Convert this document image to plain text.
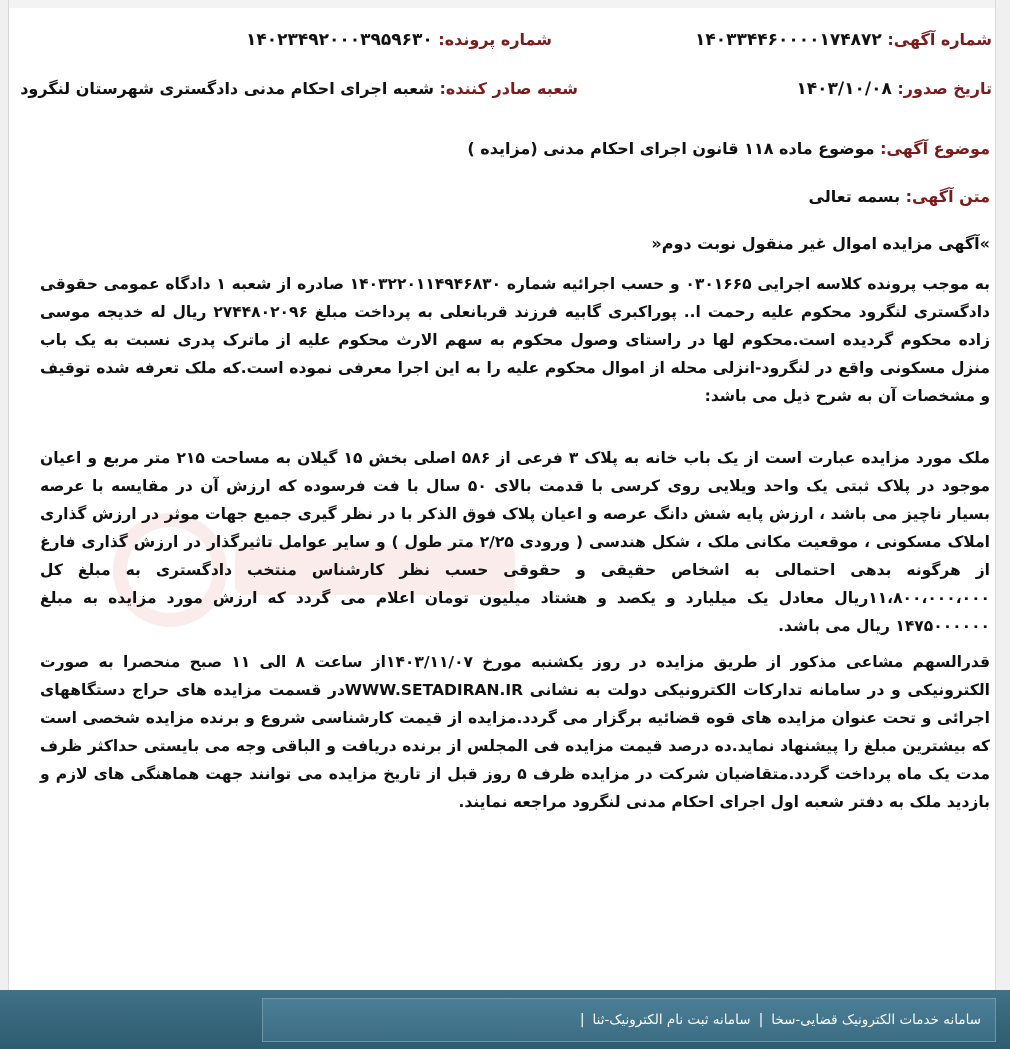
شماره آگهی: ۱۴۰۳۳۴۴۶۰۰۰۰۱۷۴۸۷۲
شماره پرونده: ۱۴۰۲۳۴۹۲۰۰۰۳۹۵۹۶۳۰
تاریخ صدور: ۱۴۰۳/۱۰/۰۸
شعبه صادر کننده: شعبه اجرای احکام مدنی دادگستری شهرستان لنگرود
موضوع آگهی: موضوع ماده ۱۱۸ قانون اجرای احکام مدنی (مزایده )
متن آگهی: بسمه تعالی
»آگهی مزایده اموال غیر منقول نوبت دوم«
به موجب پرونده کلاسه اجرایی ۰۳۰۱۶۶۵ و حسب اجرائیه شماره ۱۴۰۳۲۲۰۱۱۴۹۴۶۸۳۰ صادره از شعبه ۱ دادگاه عمومی حقوقی دادگستری لنگرود محکوم علیه رحمت ا.. پوراکبری گابیه فرزند قربانعلی به پرداخت مبلغ ۲۷۴۴۸۰۲۰۹۶ ریال له خدیجه موسی زاده محکوم گردیده است.محکوم لها در راستای وصول محکوم به سهم الارث محکوم علیه از ماترک پدری نسبت به یک باب منزل مسکونی واقع در لنگرود-انزلی محله از اموال محکوم علیه را به این اجرا معرفی نموده است.که ملک تعرفه شده توقیف و مشخصات آن به شرح ذیل می باشد:
ملک مورد مزایده عبارت است از یک باب خانه به پلاک ۳ فرعی از ۵۸۶ اصلی بخش ۱۵ گیلان به مساحت ۲۱۵ متر مربع و اعیان موجود در پلاک ثبتی یک واحد ویلایی روی کرسی با قدمت بالای ۵۰ سال با فت فرسوده که ارزش آن در مقایسه با عرصه بسیار ناچیز می باشد ، ارزش پایه شش دانگ عرصه و اعیان پلاک فوق الذکر با در نظر گیری جمیع جهات موثر در ارزش گذاری املاک مسکونی ، موقعیت مکانی ملک ، شکل هندسی ( ورودی ۲/۲۵ متر طول ) و سایر عوامل تاثیرگذار در ارزش گذاری فارغ از هرگونه بدهی احتمالی به اشخاص حقیقی و حقوقی حسب نظر کارشناس منتخب دادگستری به مبلغ کل ۱۱،۸۰۰،۰۰۰،۰۰۰ریال معادل یک میلیارد و یکصد و هشتاد میلیون تومان اعلام می گردد که ارزش مورد مزایده به مبلغ ۱۴۷۵۰۰۰۰۰۰ ریال می باشد.
قدرالسهم مشاعی مذکور از طریق مزایده در روز یکشنبه مورخ ۱۴۰۳/۱۱/۰۷از ساعت ۸ الی ۱۱ صبح منحصرا به صورت الکترونیکی و در سامانه تدارکات الکترونیکی دولت به نشانی WWW.SETADIRAN.IRدر قسمت مزایده های حراج دستگاههای اجرائی و تحت عنوان مزایده های قوه قضائیه برگزار می گردد.مزایده از قیمت کارشناسی شروع و برنده مزایده شخصی است که بیشترین مبلغ را پیشنهاد نماید.ده درصد قیمت مزایده فی المجلس از برنده دریافت و الباقی وجه می بایستی حداکثر ظرف مدت یک ماه پرداخت گردد.متقاضیان شرکت در مزایده ظرف ۵ روز قبل از تاریخ مزایده می توانند جهت هماهنگی های لازم و بازدید ملک به دفتر شعبه اول اجرای احکام مدنی لنگرود مراجعه نمایند.
سامانه خدمات الکترونیک قضایی-سخا
|
سامانه ثبت نام الکترونیک-ثنا
|
